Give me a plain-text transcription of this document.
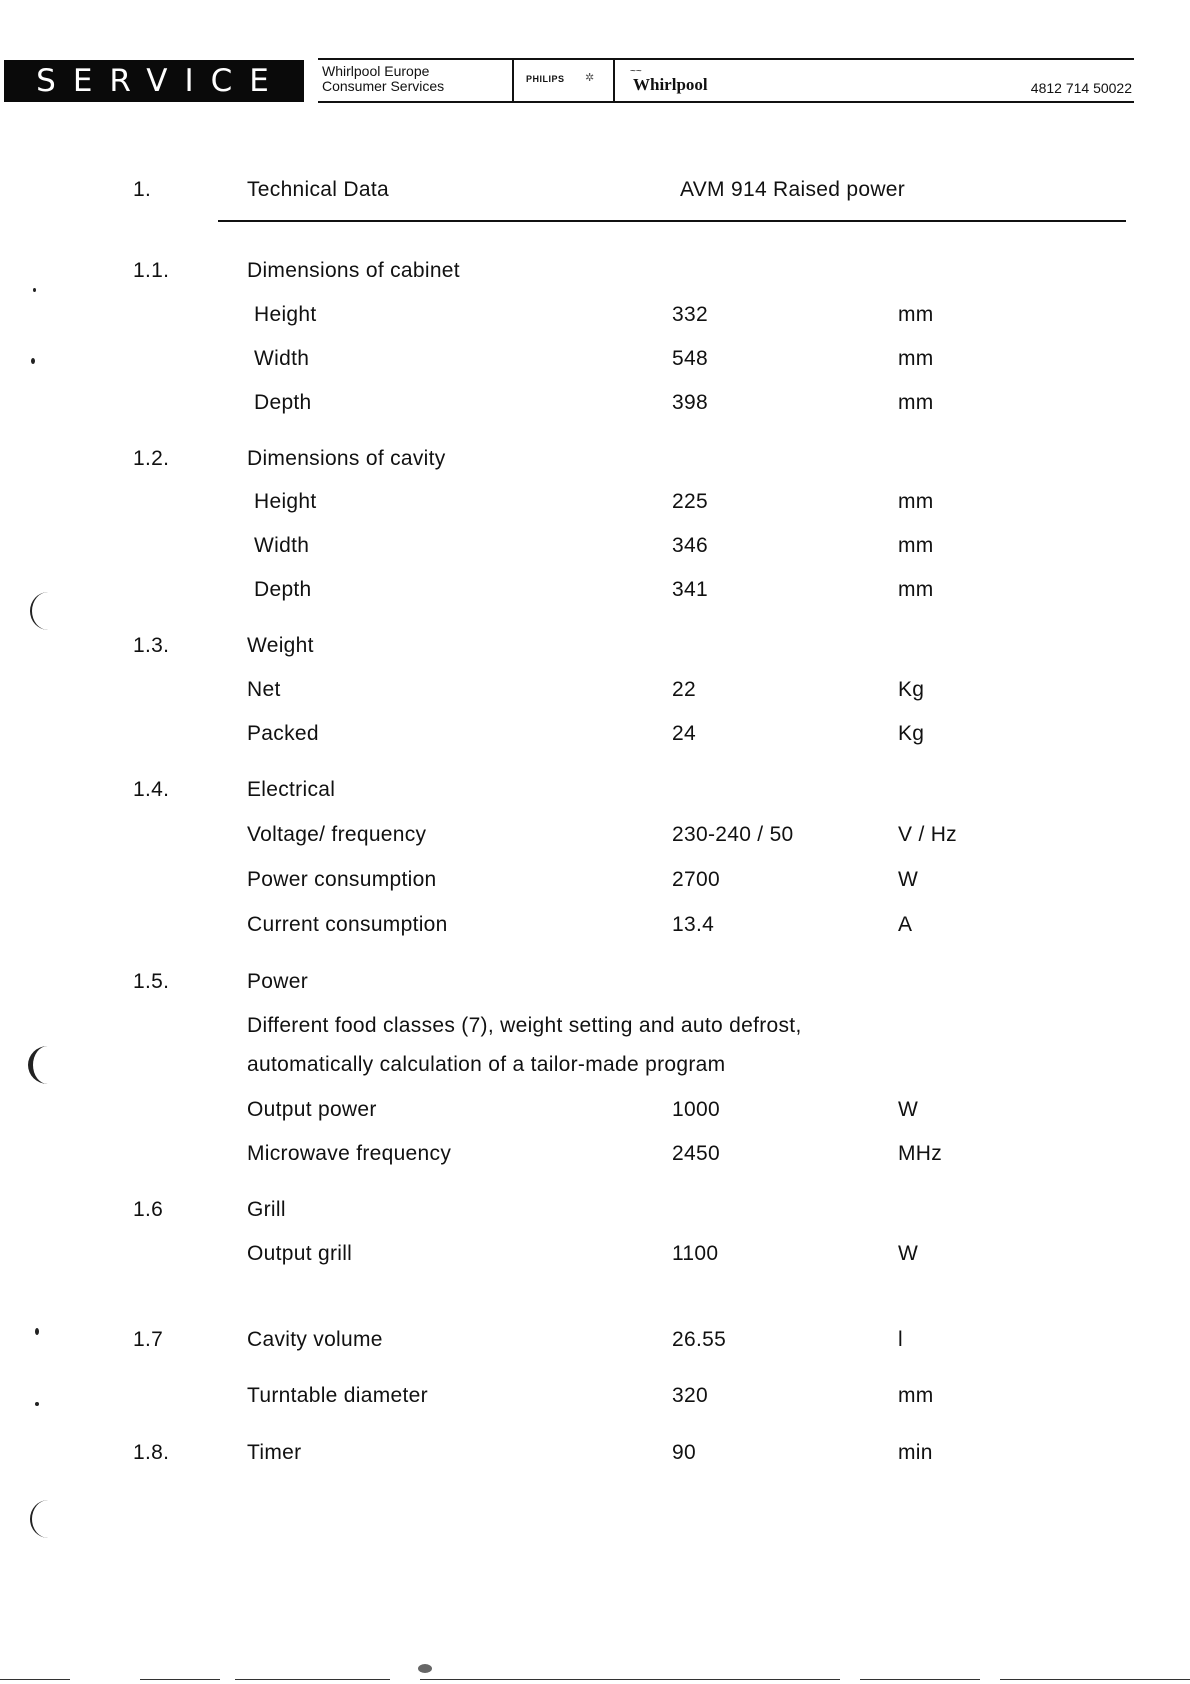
SERVICE	Whirlpool Europe
Consumer Services	PHILIPS ✲
~~
Whirlpool	4812 714 50022
1.	Technical Data	AVM 914 Raised power
1.1.	Dimensions of cabinet
Height	332	mm
Width	548	mm
Depth	398	mm
1.2.	Dimensions of cavity
Height	225	mm
Width	346	mm
Depth	341	mm
1.3.	Weight
Net	22	Kg
Packed	24	Kg
1.4.	Electrical
Voltage/ frequency	230-240 / 50	V / Hz
Power consumption	2700	W
Current consumption	13.4	A
1.5.	Power
Different food classes (7), weight setting and auto defrost,
automatically calculation of a tailor-made program
Output power	1000	W
Microwave frequency	2450	MHz
1.6	Grill
Output grill	1100	W
1.7	Cavity volume	26.55	l
Turntable diameter	320	mm
1.8.	Timer	90	min
